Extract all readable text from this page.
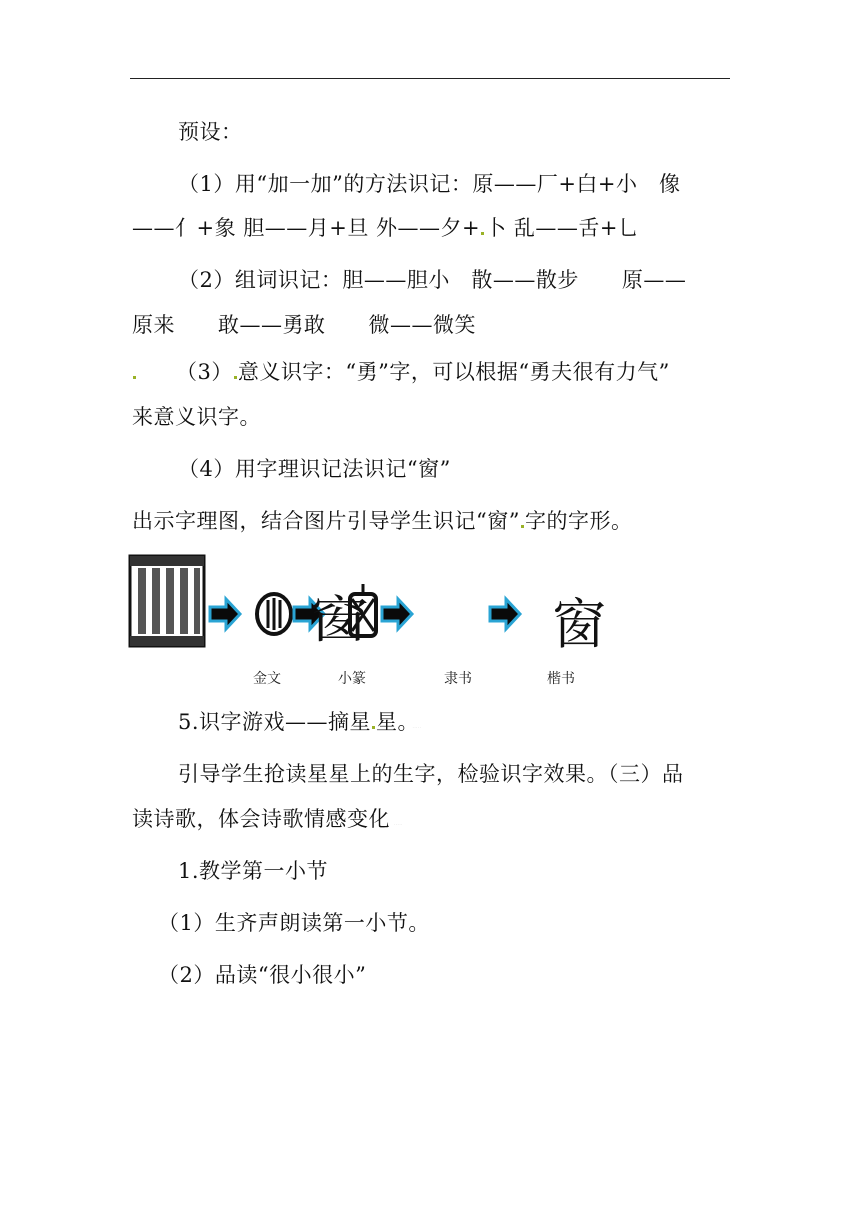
预设：
（1）用“加一加”的方法识记：原——厂+白+小　像
——亻+象 胆——月+旦 外——夕+ 卜 乱——舌+乚
（2）组词识记：胆——胆小　散——散步　　原——
原来　　敢——勇敢　　微——微笑
（3） 意义识字：“勇”字，可以根据“勇夫很有力气”
来意义识字。
（4）用字理识记法识记“窗”
出示字理图，结合图片引导学生识记“窗” 字的字形。
窗	窗
金文	小篆	隶书	楷书
5.识字游戏——摘星 星。 ·····
引导学生抢读星星上的生字，检验识字效果。（三）品
读诗歌，体会诗歌情感变化 ·····
1.教学第一小节
（1）生齐声朗读第一小节。
（2）品读“很小很小”
